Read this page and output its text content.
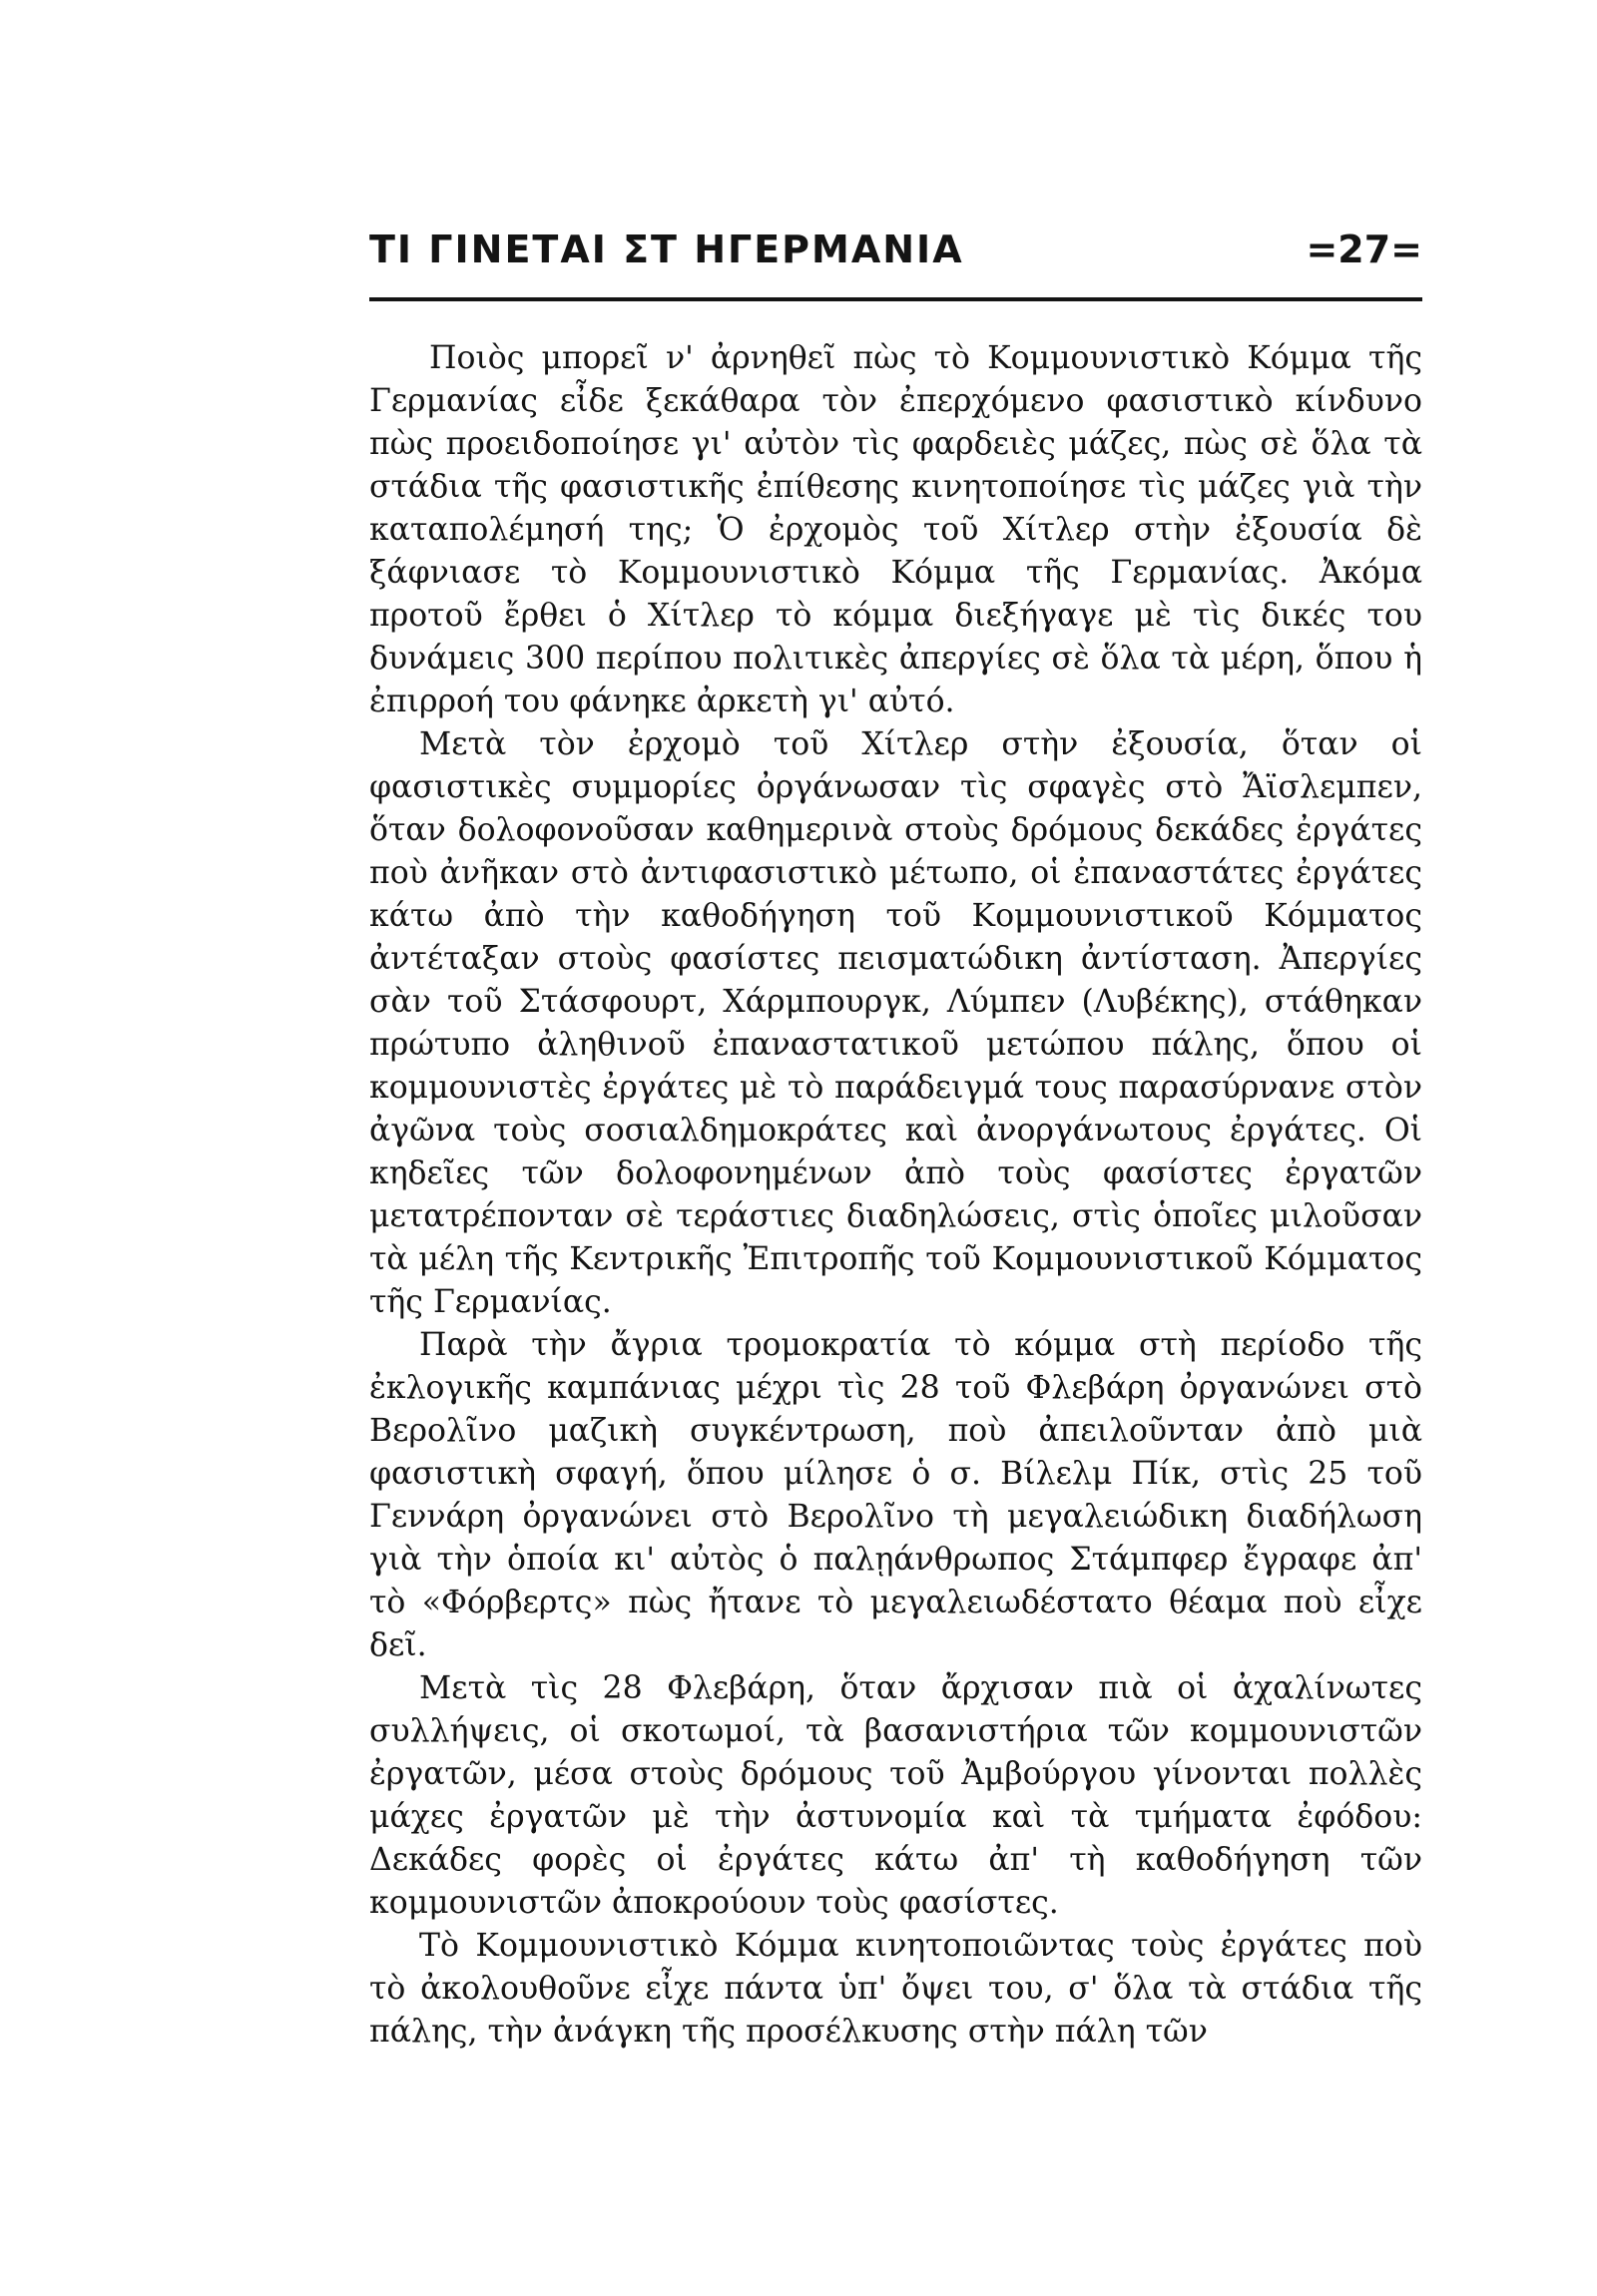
ΤΙ ΓΙΝΕΤΑΙ ΣΤ ΗΓΕΡΜΑΝΙΑ	=27=

Ποιὸς μπορεῖ ν' ἀρνηθεῖ πὼς τὸ Κομμουνιστικὸ Κόμμα τῆς Γερμανίας εἶδε ξεκάθαρα τὸν ἐπερχόμενο φασιστικὸ κίνδυνο πὼς προειδοποίησε γι' αὐτὸν τὶς φαρδειὲς μάζες, πὼς σὲ ὅλα τὰ στάδια τῆς φασιστικῆς ἐπίθεσης κινητοποίησε τὶς μάζες γιὰ τὴν καταπολέμησή της; Ὁ ἐρχομὸς τοῦ Χίτλερ στὴν ἐξουσία δὲ ξάφνιασε τὸ Κομμουνιστικὸ Κόμμα τῆς Γερμανίας. Ἀκόμα προτοῦ ἔρθει ὁ Χίτλερ τὸ κόμμα διεξήγαγε μὲ τὶς δικές του δυνάμεις 300 περίπου πολιτικὲς ἀπεργίες σὲ ὅλα τὰ μέρη, ὅπου ἡ ἐπιρροή του φάνηκε ἀρκετὴ γι' αὐτό.

Μετὰ τὸν ἐρχομὸ τοῦ Χίτλερ στὴν ἐξουσία, ὅταν οἱ φασιστικὲς συμμορίες ὀργάνωσαν τὶς σφαγὲς στὸ Ἄϊσλεμπεν, ὅταν δολοφονοῦσαν καθημερινὰ στοὺς δρόμους δεκάδες ἐργάτες ποὺ ἀνῆκαν στὸ ἀντιφασιστικὸ μέτωπο, οἱ ἐπαναστάτες ἐργάτες κάτω ἀπὸ τὴν καθοδήγηση τοῦ Κομμουνιστικοῦ Κόμματος ἀντέταξαν στοὺς φασίστες πεισματώδικη ἀντίσταση. Ἀπεργίες σὰν τοῦ Στάσφουρτ, Χάρμπουργκ, Λύμπεν (Λυβέκης), στάθηκαν πρώτυπο ἀληθινοῦ ἐπαναστατικοῦ μετώπου πάλης, ὅπου οἱ κομμουνιστὲς ἐργάτες μὲ τὸ παράδειγμά τους παρασύρνανε στὸν ἀγῶνα τοὺς σοσιαλδημοκράτες καὶ ἀνοργάνωτους ἐργάτες. Οἱ κηδεῖες τῶν δολοφονημένων ἀπὸ τοὺς φασίστες ἐργατῶν μετατρέπονταν σὲ τεράστιες διαδηλώσεις, στὶς ὁποῖες μιλοῦσαν τὰ μέλη τῆς Κεντρικῆς Ἐπιτροπῆς τοῦ Κομμουνιστικοῦ Κόμματος τῆς Γερμανίας.

Παρὰ τὴν ἄγρια τρομοκρατία τὸ κόμμα στὴ περίοδο τῆς ἐκλογικῆς καμπάνιας μέχρι τὶς 28 τοῦ Φλεβάρη ὀργανώνει στὸ Βερολῖνο μαζικὴ συγκέντρωση, ποὺ ἀπειλοῦνταν ἀπὸ μιὰ φασιστικὴ σφαγή, ὅπου μίλησε ὁ σ. Βίλελμ Πίκ, στὶς 25 τοῦ Γεννάρη ὀργανώνει στὸ Βερολῖνο τὴ μεγαλειώδικη διαδήλωση γιὰ τὴν ὁποία κι' αὐτὸς ὁ παλῃάνθρωπος Στάμπφερ ἔγραφε ἀπ' τὸ «Φόρβερτς» πὼς ἤτανε τὸ μεγαλειωδέστατο θέαμα ποὺ εἶχε δεῖ.

Μετὰ τὶς 28 Φλεβάρη, ὅταν ἄρχισαν πιὰ οἱ ἀχαλίνωτες συλλήψεις, οἱ σκοτωμοί, τὰ βασανιστήρια τῶν κομμουνιστῶν ἐργατῶν, μέσα στοὺς δρόμους τοῦ Ἀμβούργου γίνονται πολλὲς μάχες ἐργατῶν μὲ τὴν ἀστυνομία καὶ τὰ τμήματα ἐφόδου: Δεκάδες φορὲς οἱ ἐργάτες κάτω ἀπ' τὴ καθοδήγηση τῶν κομμουνιστῶν ἀποκρούουν τοὺς φασίστες.

Τὸ Κομμουνιστικὸ Κόμμα κινητοποιῶντας τοὺς ἐργάτες ποὺ τὸ ἀκολουθοῦνε εἶχε πάντα ὑπ' ὄψει του, σ' ὅλα τὰ στάδια τῆς πάλης, τὴν ἀνάγκη τῆς προσέλκυσης στὴν πάλη τῶν
